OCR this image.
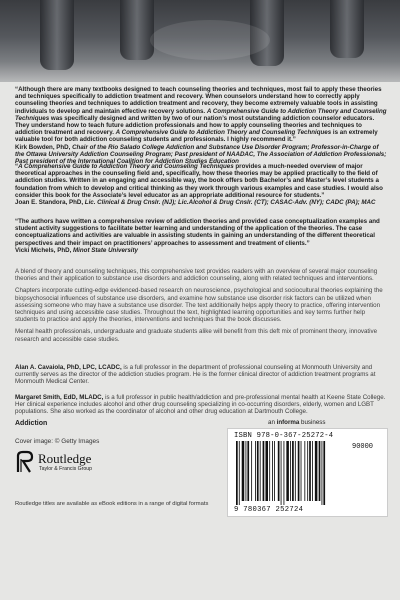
“Although there are many textbooks designed to teach counseling theories and techniques, most fail to apply these theories and techniques specifically to addiction treatment and recovery. When counselors understand how to correctly apply counseling theories and techniques to addiction treatment and recovery, they become extremely valuable tools in assisting individuals to develop and maintain effective recovery solutions. A Comprehensive Guide to Addiction Theory and Counseling Techniques was specifically designed and written by two of our nation’s most outstanding addiction counselor educators. They understand how to teach future addiction professionals and how to apply counseling theories and techniques to addiction treatment and recovery. A Comprehensive Guide to Addiction Theory and Counseling Techniques is an extremely valuable tool for both addiction counseling students and professionals. I highly recommend it.”

Kirk Bowden, PhD, Chair of the Rio Salado College Addiction and Substance Use Disorder Program; Professor-in-Charge of the Ottawa University Addiction Counseling Program; Past president of NAADAC, The Association of Addiction Professionals; Past president of the International Coalition for Addiction Studies Education

“A Comprehensive Guide to Addiction Theory and Counseling Techniques provides a much-needed overview of major theoretical approaches in the counseling field and, specifically, how these theories may be applied practically to the field of addiction studies. Written in an engaging and accessible way, the book offers both Bachelor’s and Master’s level students a foundation from which to develop and critical thinking as they work through various examples and case studies. I would also consider this book for the Associate’s level educator as an appropriate additional resource for students.”

Joan E. Standora, PhD, Lic. Clinical & Drug Cnslr. (NJ); Lic.Alcohol & Drug Cnslr. (CT); CASAC-Adv. (NY); CADC (PA); MAC

“The authors have written a comprehensive review of addiction theories and provided case conceptualization examples and student activity suggestions to facilitate better learning and understanding of the application of the theories. The case conceptualizations and activities are valuable in assisting students in gaining an understanding of the different theoretical perspectives and their impact on practitioners’ approaches to assessment and treatment of clients.”

Vicki Michels, PhD, Minot State University

A blend of theory and counseling techniques, this comprehensive text provides readers with an overview of several major counseling theories and their application to substance use disorders and addiction counseling, along with related techniques and interventions.

Chapters incorporate cutting-edge evidenced-based research on neuroscience, psychological and sociocultural theories explaining the biopsychosocial influences of substance use disorders, and examine how substance use disorder risk factors can be utilized when assessing someone who may have a substance use disorder. The text additionally helps apply theory to practice, offering intervention techniques and using accessible case studies. Throughout the text, highlighted learning opportunities and key terms further help students to practice and apply the theories, interventions and techniques that the book discusses.

Mental health professionals, undergraduate and graduate students alike will benefit from this deft mix of prominent theory, innovative research and accessible case studies.

Alan A. Cavaiola, PhD, LPC, LCADC, is a full professor in the department of professional counseling at Monmouth University and currently serves as the director of the addiction studies program. He is the former clinical director of addiction treatment programs at Monmouth Medical Center.
Margaret Smith, EdD, MLADC, is a full professor in public health/addiction and pre-professional mental health at Keene State College. Her clinical experience includes alcohol and other drug counseling specializing in co-occurring disorders, elderly, women and LGBT populations. She also worked as the coordinator of alcohol and other drug education at Dartmouth College.
Addiction
Cover image: © Getty Images
Routledge
Taylor & Francis Group
Routledge titles are available as eBook editions in a range of digital formats
an informa business
ISBN 978-0-367-25272-4
90000
9 780367 252724
